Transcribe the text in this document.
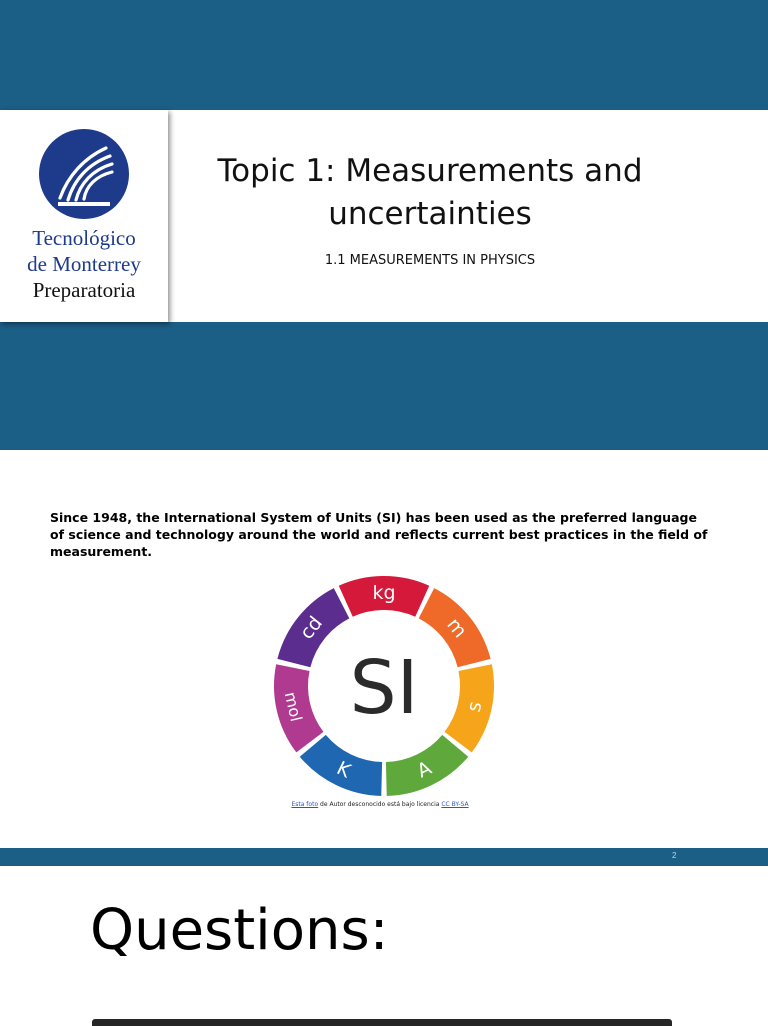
Tecnológico
de Monterrey
Preparatoria
Topic 1: Measurements and
uncertainties
1.1 MEASUREMENTS IN PHYSICS
Since 1948, the International System of Units (SI) has been used as the preferred language of science and technology around the world and reflects current best practices in the field of measurement.
kg
m
s
A
K
mol
cd
SI
Esta foto de Autor desconocido está bajo licencia CC BY-SA
2
Questions:
